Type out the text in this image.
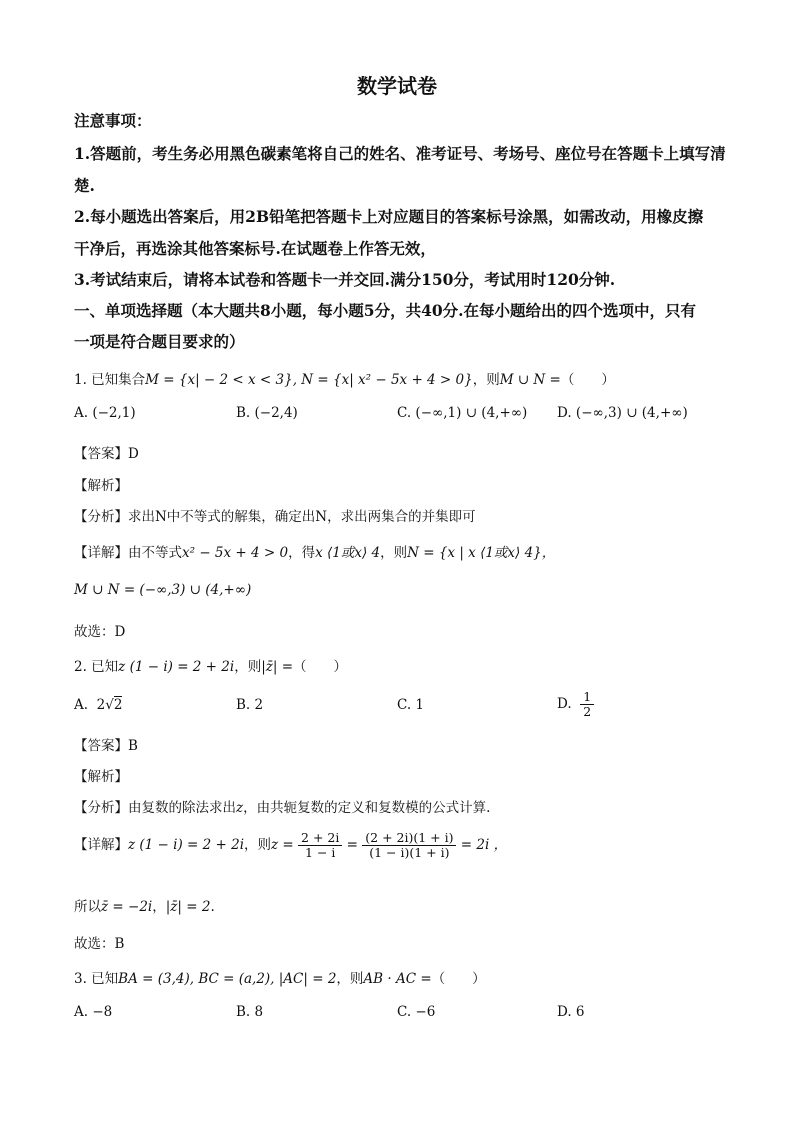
数学试卷
注意事项：
1.答题前，考生务必用黑色碳素笔将自己的姓名、准考证号、考场号、座位号在答题卡上填写清
楚.
2.每小题选出答案后，用2B铅笔把答题卡上对应题目的答案标号涂黑，如需改动，用橡皮擦
干净后，再选涂其他答案标号.在试题卷上作答无效，
3.考试结束后，请将本试卷和答题卡一并交回.满分150分，考试用时120分钟.
一、单项选择题（本大题共8小题，每小题5分，共40分.在每小题给出的四个选项中，只有
一项是符合题目要求的）
1. 已知集合M = {x| − 2 < x < 3}, N = {x| x² − 5x + 4 > 0}，则M ∪ N =（　　）
A. (−2,1)	B. (−2,4)	C. (−∞,1) ∪ (4,+∞) D. (−∞,3) ∪ (4,+∞)
【答案】D
【解析】
【分析】求出N中不等式的解集，确定出N，求出两集合的并集即可
【详解】由不等式x² − 5x + 4 > 0，得x ⟨1或x⟩ 4，则N = {x | x ⟨1或x⟩ 4}，
M ∪ N = (−∞,3) ∪ (4,+∞)
故选：D
2. 已知z (1 − i) = 2 + 2i，则|z̄| =（　　）
A. 2√2	B. 2	C. 1	D. $\frac{1}{2}$
【答案】B
【解析】
【分析】由复数的除法求出z，由共轭复数的定义和复数模的公式计算.
【详解】z (1 − i) = 2 + 2i，则$z = \frac{2 + 2i}{1 - i} = \frac{(2 + 2i)(1 + i)}{(1 - i)(1 + i)} = 2i$ ，
所以z̄ = −2i，|z̄| = 2.
故选：B
3. 已知BA = (3,4), BC = (a,2), |AC| = 2，则AB · AC =（　　）
A. −8	B. 8	C. −6	D. 6
